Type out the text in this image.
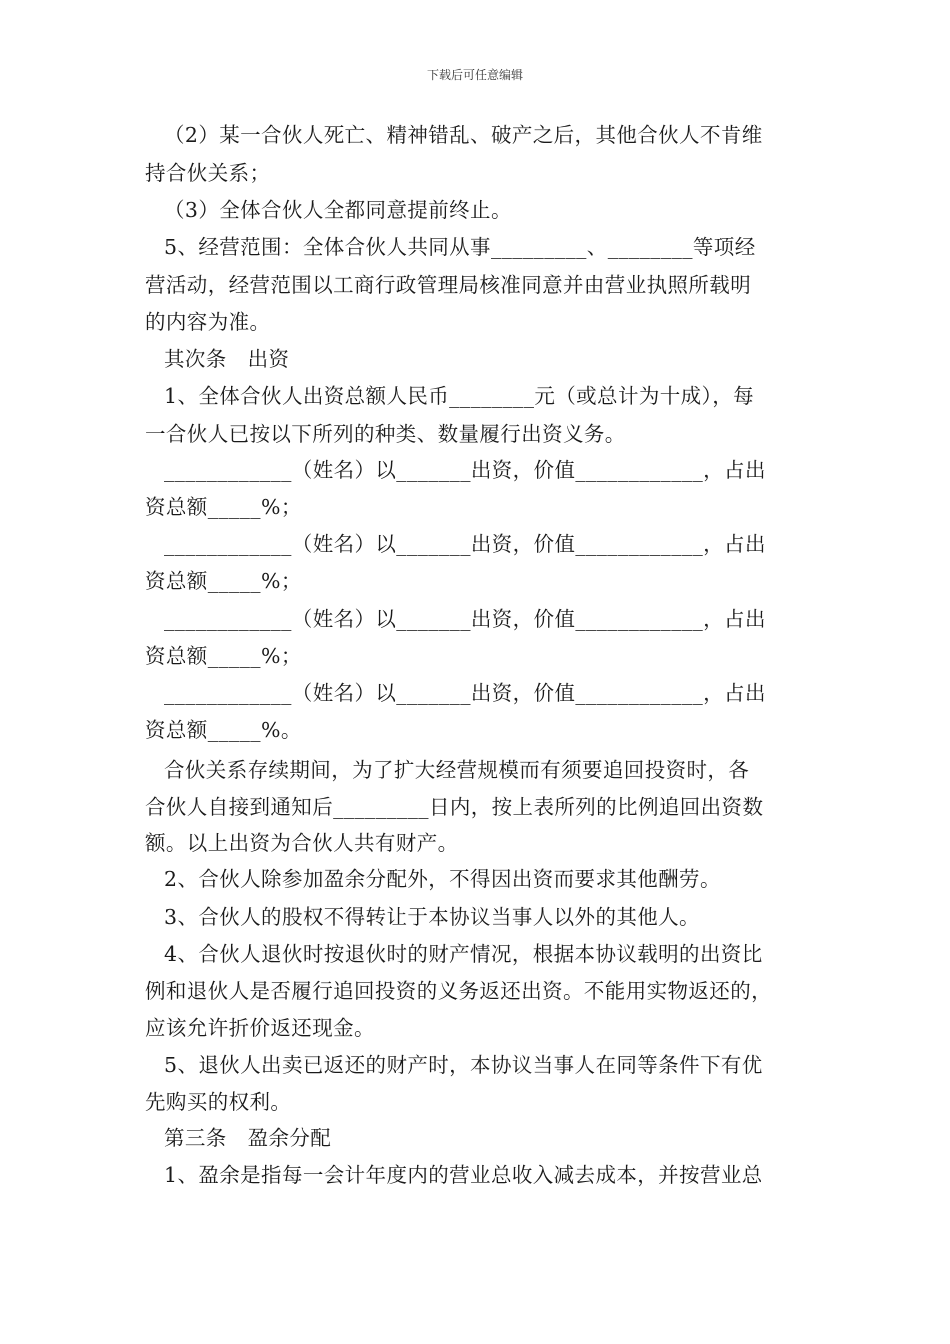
下载后可任意编辑
（2）某一合伙人死亡、精神错乱、破产之后，其他合伙人不肯维
持合伙关系；
（3）全体合伙人全都同意提前终止。
5、经营范围：全体合伙人共同从事_________、________等项经
营活动，经营范围以工商行政管理局核准同意并由营业执照所载明
的内容为准。
其次条　出资
1、全体合伙人出资总额人民币________元（或总计为十成），每
一合伙人已按以下所列的种类、数量履行出资义务。
____________（姓名）以_______出资，价值____________，占出
资总额_____%；
____________（姓名）以_______出资，价值____________，占出
资总额_____%；
____________（姓名）以_______出资，价值____________，占出
资总额_____%；
____________（姓名）以_______出资，价值____________，占出
资总额_____%。
合伙关系存续期间，为了扩大经营规模而有须要追回投资时，各
合伙人自接到通知后_________日内，按上表所列的比例追回出资数
额。以上出资为合伙人共有财产。
2、合伙人除参加盈余分配外，不得因出资而要求其他酬劳。
3、合伙人的股权不得转让于本协议当事人以外的其他人。
4、合伙人退伙时按退伙时的财产情况，根据本协议载明的出资比
例和退伙人是否履行追回投资的义务返还出资。不能用实物返还的，
应该允许折价返还现金。
5、退伙人出卖已返还的财产时，本协议当事人在同等条件下有优
先购买的权利。
第三条　盈余分配
1、盈余是指每一会计年度内的营业总收入减去成本，并按营业总
